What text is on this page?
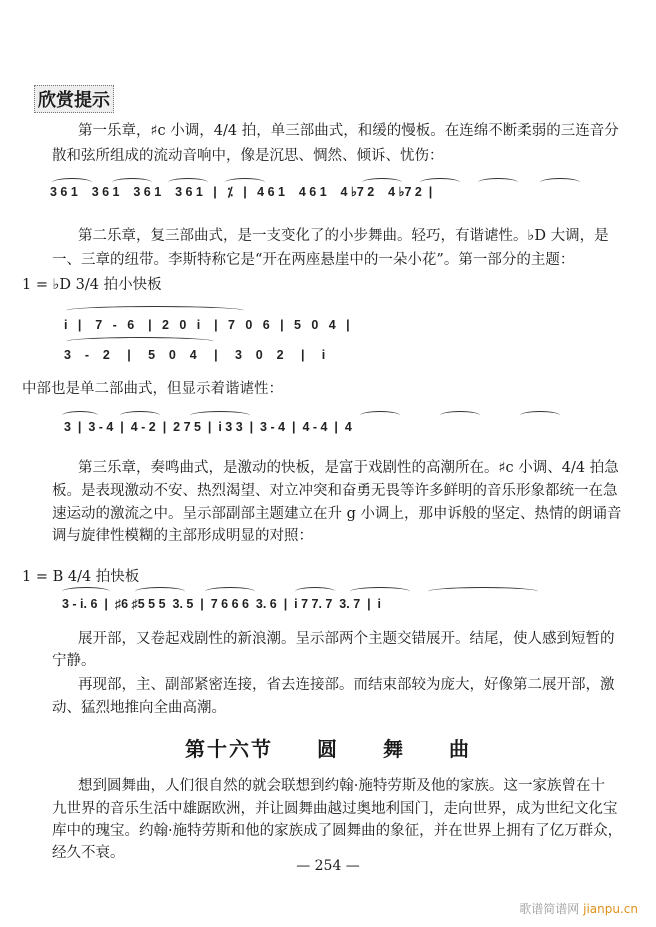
欣赏提示
第一乐章，♯c 小调，4/4 拍，单三部曲式，和缓的慢板。在连绵不断柔弱的三连音分
散和弦所组成的流动音响中，像是沉思、惆然、倾诉、忧伤：
3 6 1    3 6 1    3 6 1    3 6 1   |   ⁒   |   4 6 1    4 6 1    4 ♭7 2    4 ♭7 2  |
第二乐章，复三部曲式，是一支变化了的小步舞曲。轻巧，有谐谑性。♭D 大调，是
一、三章的纽带。李斯特称它是“开在两座悬崖中的一朵小花”。第一部分的主题：
1 = ♭D 3/4 拍小快板
i   |    7   -   6    |   2   0   i    |   7   0   6   |   5   0   4   |
3    -    2     |     5    0    4     |     3    0    2     |     i
中部也是单二部曲式，但显示着谐谑性：
3  |  3 - 4  |  4 - 2  |  2 7 5  |  i 3 3  |  3 - 4  |  4 - 4  |  4
第三乐章，奏鸣曲式，是激动的快板，是富于戏剧性的高潮所在。♯c 小调、4/4 拍急
板。是表现激动不安、热烈渴望、对立冲突和奋勇无畏等许多鲜明的音乐形象都统一在急
速运动的激流之中。呈示部副部主题建立在升 g 小调上，那申诉般的坚定、热情的朗诵音
调与旋律性模糊的主部形成明显的对照：
1 = B 4/4 拍快板
3 - i. 6  |  ♯6 ♯5 5 5  3. 5  |  7 6 6 6  3. 6  |  i 7 7. 7  3. 7  |  i
展开部，又卷起戏剧性的新浪潮。呈示部两个主题交错展开。结尾，使人感到短暂的
宁静。
再现部，主、副部紧密连接，省去连接部。而结束部较为庞大，好像第二展开部，激
动、猛烈地推向全曲高潮。
第十六节　　圆　　舞　　曲
想到圆舞曲，人们很自然的就会联想到约翰·施特劳斯及他的家族。这一家族曾在十
九世界的音乐生活中雄踞欧洲，并让圆舞曲越过奥地利国门，走向世界，成为世纪文化宝
库中的瑰宝。约翰·施特劳斯和他的家族成了圆舞曲的象征，并在世界上拥有了亿万群众，
经久不衰。
— 254 —
歌谱简谱网 jianpu.cn
